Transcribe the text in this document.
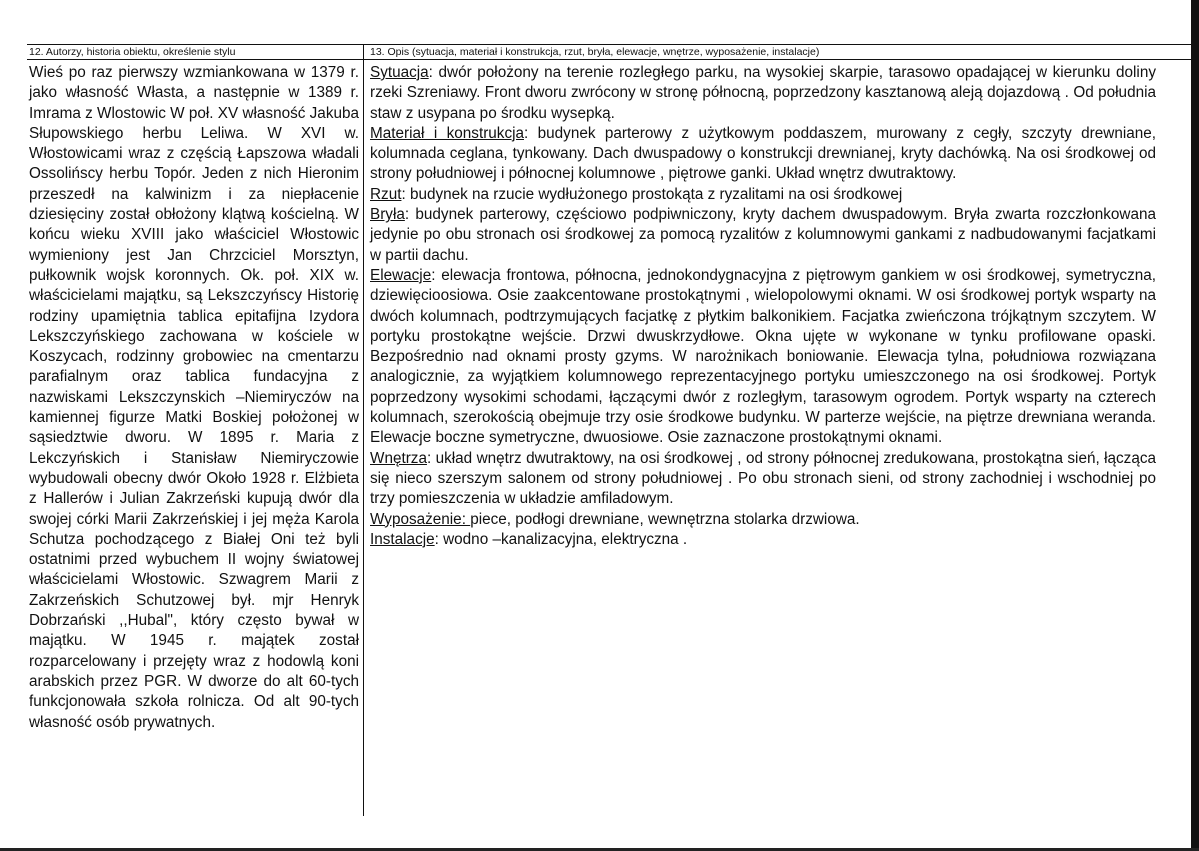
12. Autorzy, historia obiektu, określenie stylu	13. Opis (sytuacja, materiał i konstrukcja, rzut, bryła, elewacje, wnętrze, wyposażenie, instalacje)

Wieś po raz pierwszy wzmiankowana w 1379 r. jako własność Własta, a następnie w 1389 r. Imrama z Wlostowic W poł. XV własność Jakuba Słupowskiego herbu Leliwa. W XVI w. Włostowicami wraz z częścią Łapszowa władali Ossolińscy herbu Topór. Jeden z nich Hieronim przeszedł na kalwinizm i za niepłacenie dziesięciny został obłożony klątwą kościelną. W końcu wieku XVIII jako właściciel Włostowic wymieniony jest Jan Chrzciciel Morsztyn, pułkownik wojsk koronnych. Ok. poł. XIX w. właścicielami majątku, są Lekszczyńscy Historię rodziny upamiętnia tablica epitafijna Izydora Lekszczyńskiego zachowana w kościele w Koszycach, rodzinny grobowiec na cmentarzu parafialnym oraz tablica fundacyjna z nazwiskami Lekszczynskich –Niemiryczów na kamiennej figurze Matki Boskiej położonej w sąsiedztwie dworu. W 1895 r. Maria z Lekczyńskich i Stanisław Niemiryczowie wybudowali obecny dwór Około 1928 r. Elżbieta z Hallerów i Julian Zakrzeński kupują dwór dla swojej córki Marii Zakrzeńskiej i jej męża Karola Schutza pochodzącego z Białej Oni też byli ostatnimi przed wybuchem II wojny światowej właścicielami Włostowic. Szwagrem Marii z Zakrzeńskich Schutzowej był. mjr Henryk Dobrzański ,,Hubal", który często bywał w majątku. W 1945 r. majątek został rozparcelowany i przejęty wraz z hodowlą koni arabskich przez PGR. W dworze do alt 60-tych funkcjonowała szkoła rolnicza. Od alt 90-tych własność osób prywatnych.

Sytuacja: dwór położony na terenie rozległego parku, na wysokiej skarpie, tarasowo opadającej w kierunku doliny rzeki Szreniawy. Front dworu zwrócony w stronę północną, poprzedzony kasztanową aleją dojazdową . Od południa staw z usypana po środku wysepką.

Materiał i konstrukcja: budynek parterowy z użytkowym poddaszem, murowany z cegły, szczyty drewniane, kolumnada ceglana, tynkowany. Dach dwuspadowy o konstrukcji drewnianej, kryty dachówką. Na osi środkowej od strony południowej i północnej kolumnowe , piętrowe ganki. Układ wnętrz dwutraktowy.

Rzut: budynek na rzucie wydłużonego prostokąta z ryzalitami na osi środkowej

Bryła: budynek parterowy, częściowo podpiwniczony, kryty dachem dwuspadowym. Bryła zwarta rozczłonkowana jedynie po obu stronach osi środkowej za pomocą ryzalitów z kolumnowymi gankami z nadbudowanymi facjatkami w partii dachu.

Elewacje: elewacja frontowa, północna, jednokondygnacyjna z piętrowym gankiem w osi środkowej, symetryczna, dziewięcioosiowa. Osie zaakcentowane prostokątnymi , wielopolowymi oknami. W osi środkowej portyk wsparty na dwóch kolumnach, podtrzymujących facjatkę z płytkim balkonikiem. Facjatka zwieńczona trójkątnym szczytem. W portyku prostokątne wejście. Drzwi dwuskrzydłowe. Okna ujęte w wykonane w tynku profilowane opaski. Bezpośrednio nad oknami prosty gzyms. W narożnikach boniowanie. Elewacja tylna, południowa rozwiązana analogicznie, za wyjątkiem kolumnowego reprezentacyjnego portyku umieszczonego na osi środkowej. Portyk poprzedzony wysokimi schodami, łączącymi dwór z rozległym, tarasowym ogrodem. Portyk wsparty na czterech kolumnach, szerokością obejmuje trzy osie środkowe budynku. W parterze wejście, na piętrze drewniana weranda. Elewacje boczne symetryczne, dwuosiowe. Osie zaznaczone prostokątnymi oknami.

Wnętrza: układ wnętrz dwutraktowy, na osi środkowej , od strony północnej zredukowana, prostokątna sień, łącząca się nieco szerszym salonem od strony południowej . Po obu stronach sieni, od strony zachodniej i wschodniej po trzy pomieszczenia w układzie amfiladowym.

Wyposażenie: piece, podłogi drewniane, wewnętrzna stolarka drzwiowa.

Instalacje: wodno –kanalizacyjna, elektryczna .
